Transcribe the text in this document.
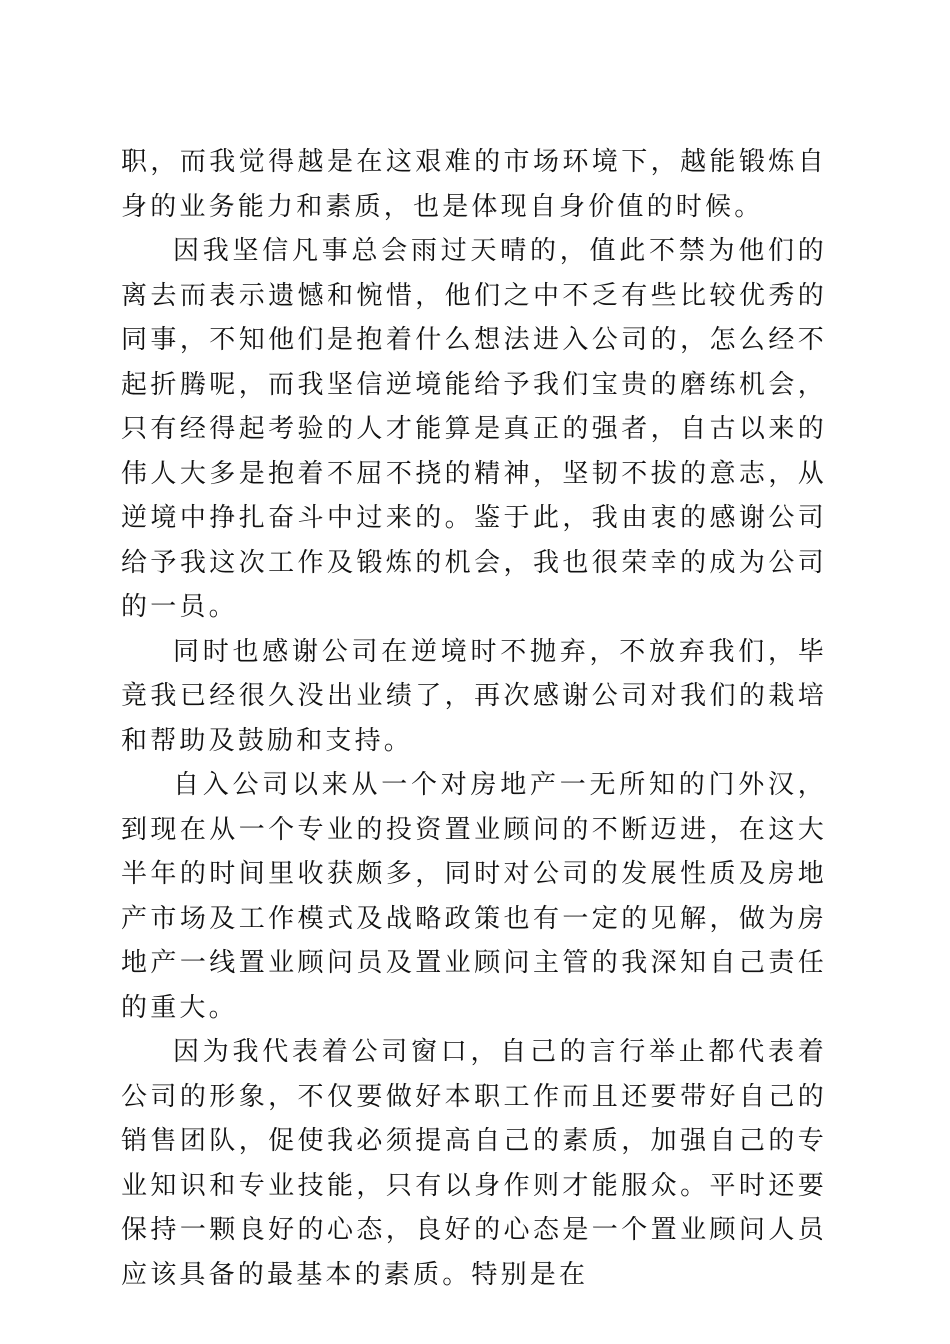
职，而我觉得越是在这艰难的市场环境下，越能锻炼自身的业务能力和素质，也是体现自身价值的时候。

因我坚信凡事总会雨过天晴的，值此不禁为他们的离去而表示遗憾和惋惜，他们之中不乏有些比较优秀的同事，不知他们是抱着什么想法进入公司的，怎么经不起折腾呢，而我坚信逆境能给予我们宝贵的磨练机会，只有经得起考验的人才能算是真正的强者，自古以来的伟人大多是抱着不屈不挠的精神，坚韧不拔的意志，从逆境中挣扎奋斗中过来的。鉴于此，我由衷的感谢公司给予我这次工作及锻炼的机会，我也很荣幸的成为公司的一员。

同时也感谢公司在逆境时不抛弃，不放弃我们，毕竟我已经很久没出业绩了，再次感谢公司对我们的栽培和帮助及鼓励和支持。

自入公司以来从一个对房地产一无所知的门外汉，到现在从一个专业的投资置业顾问的不断迈进，在这大半年的时间里收获颇多，同时对公司的发展性质及房地产市场及工作模式及战略政策也有一定的见解，做为房地产一线置业顾问员及置业顾问主管的我深知自己责任的重大。

因为我代表着公司窗口，自己的言行举止都代表着公司的形象，不仅要做好本职工作而且还要带好自己的销售团队，促使我必须提高自己的素质，加强自己的专业知识和专业技能，只有以身作则才能服众。平时还要保持一颗良好的心态，良好的心态是一个置业顾问人员应该具备的最基本的素质。特别是在
